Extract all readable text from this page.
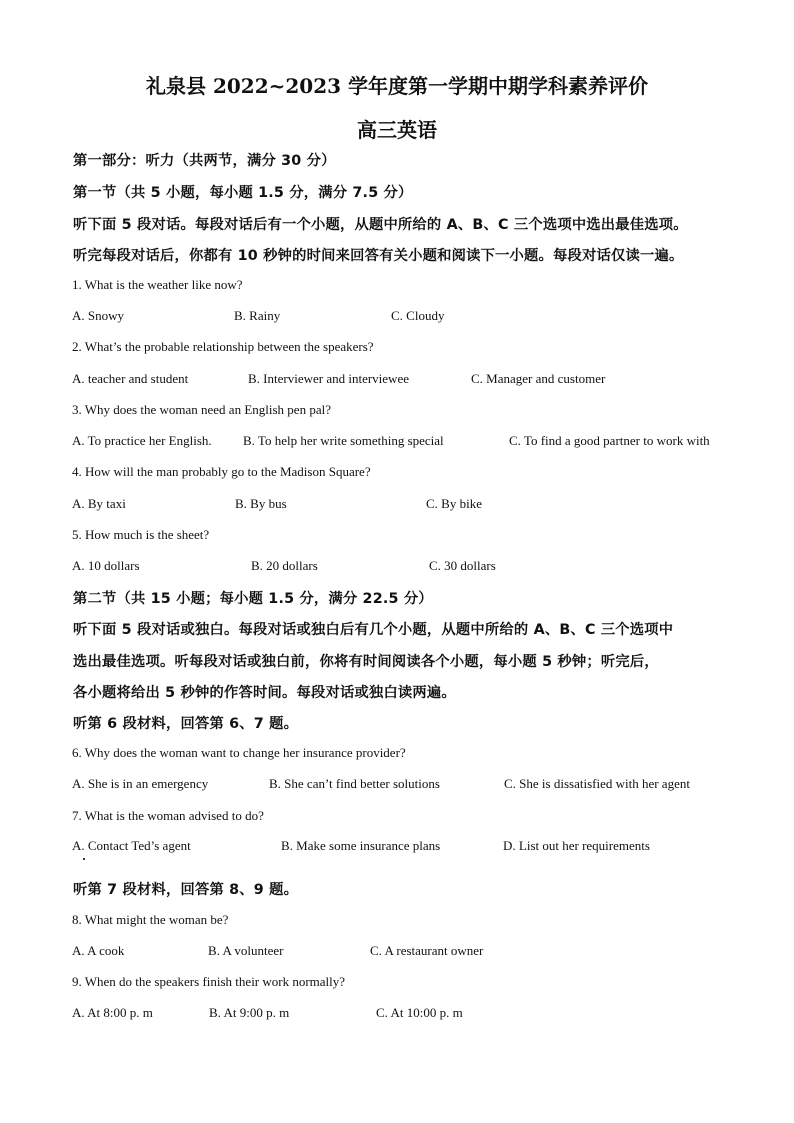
礼泉县 2022~2023 学年度第一学期中期学科素养评价
高三英语
第一部分：听力（共两节，满分 30 分）
第一节（共 5 小题，每小题 1.5 分，满分 7.5 分）
听下面 5 段对话。每段对话后有一个小题，从题中所给的 A、B、C 三个选项中选出最佳选项。
听完每段对话后，你都有 10 秒钟的时间来回答有关小题和阅读下一小题。每段对话仅读一遍。
1. What is the weather like now?
A. Snowy	B. Rainy	C. Cloudy
2. What’s the probable relationship between the speakers?
A. teacher and student	B. Interviewer and interviewee	C. Manager and customer
3. Why does the woman need an English pen pal?
A. To practice her English. B. To help her write something special	C. To find a good partner to work with
4. How will the man probably go to the Madison Square?
A. By taxi	B. By bus	C. By bike
5. How much is the sheet?
A. 10 dollars	B. 20 dollars	C. 30 dollars
第二节（共 15 小题；每小题 1.5 分，满分 22.5 分）
听下面 5 段对话或独白。每段对话或独白后有几个小题，从题中所给的 A、B、C 三个选项中
选出最佳选项。听每段对话或独白前，你将有时间阅读各个小题，每小题 5 秒钟；听完后，
各小题将给出 5 秒钟的作答时间。每段对话或独白读两遍。
听第 6 段材料，回答第 6、7 题。
6. Why does the woman want to change her insurance provider?
A. She is in an emergency	B. She can’t find better solutions	C. She is dissatisfied with her agent
7. What is the woman advised to do?
A. Contact Ted’s agent	B. Make some insurance plans	D. List out her requirements
听第 7 段材料，回答第 8、9 题。
8. What might the woman be?
A. A cook	B. A volunteer	C. A restaurant owner
9. When do the speakers finish their work normally?
A. At 8:00 p. m	B. At 9:00 p. m	C. At 10:00 p. m
